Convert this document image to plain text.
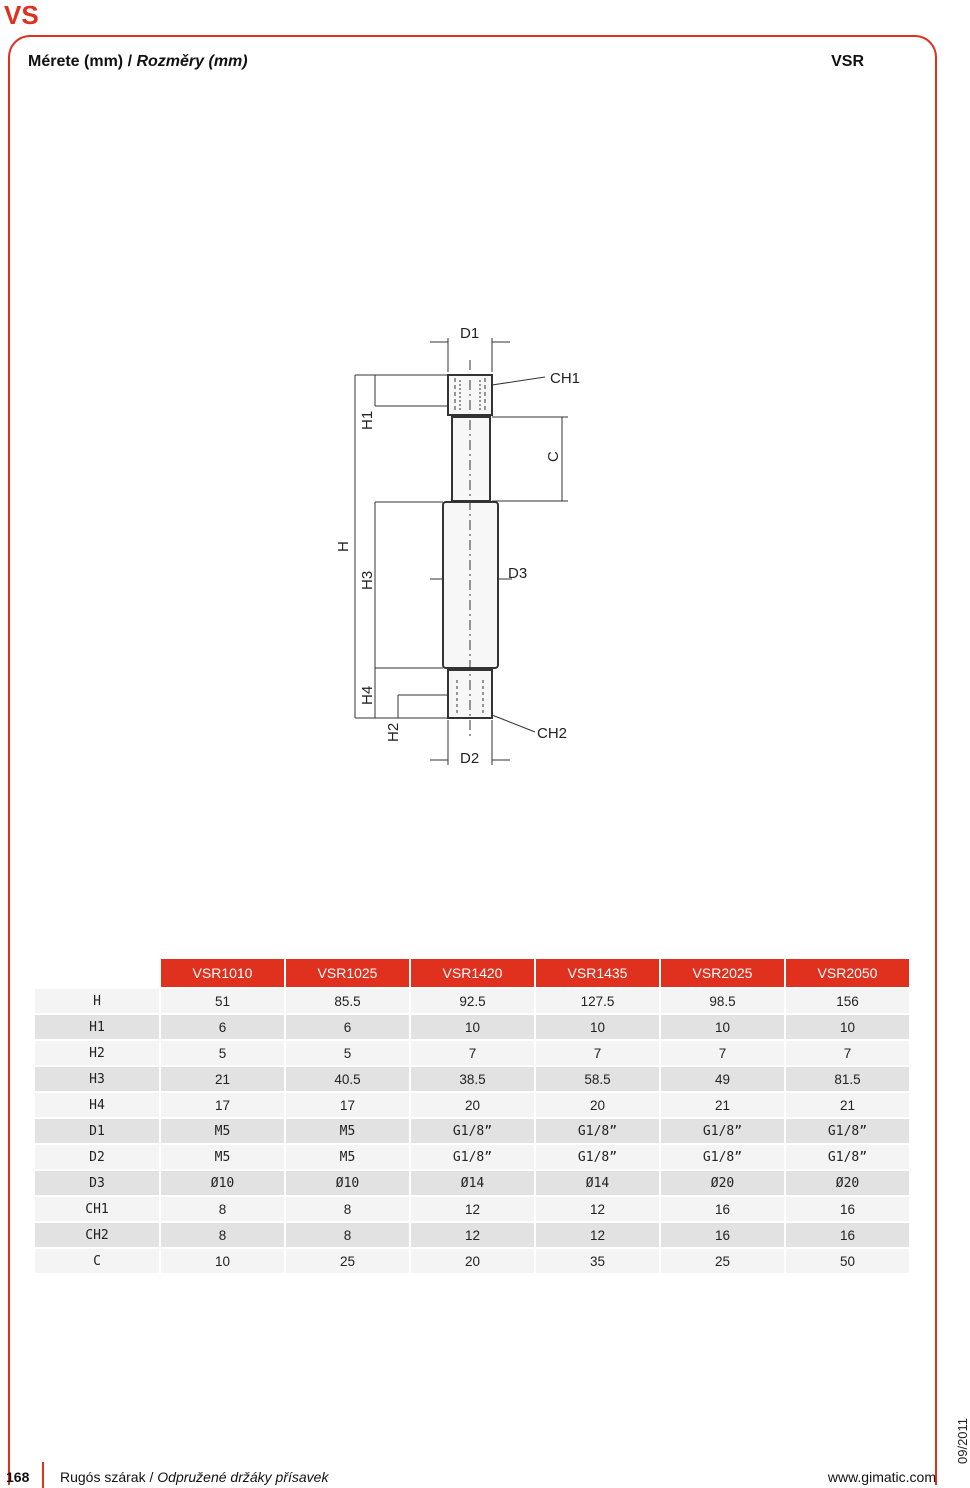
VS
Mérete (mm) / Rozměry (mm)	VSR
D1
CH1
H1
C
H
H3	D3
H4
H2	CH2
D2
	VSR1010	VSR1025	VSR1420	VSR1435	VSR2025	VSR2050
H	51	85.5	92.5	127.5	98.5	156
H1	6	6	10	10	10	10
H2	5	5	7	7	7	7
H3	21	40.5	38.5	58.5	49	81.5
H4	17	17	20	20	21	21
D1	M5	M5	G1/8”	G1/8”	G1/8”	G1/8”
D2	M5	M5	G1/8”	G1/8”	G1/8”	G1/8”
D3	Ø10	Ø10	Ø14	Ø14	Ø20	Ø20
CH1	8	8	12	12	16	16
CH2	8	8	12	12	16	16
C	10	25	20	35	25	50
168 Rugós szárak / Odpružené držáky přísavek	www.gimatic.com
09/2011
